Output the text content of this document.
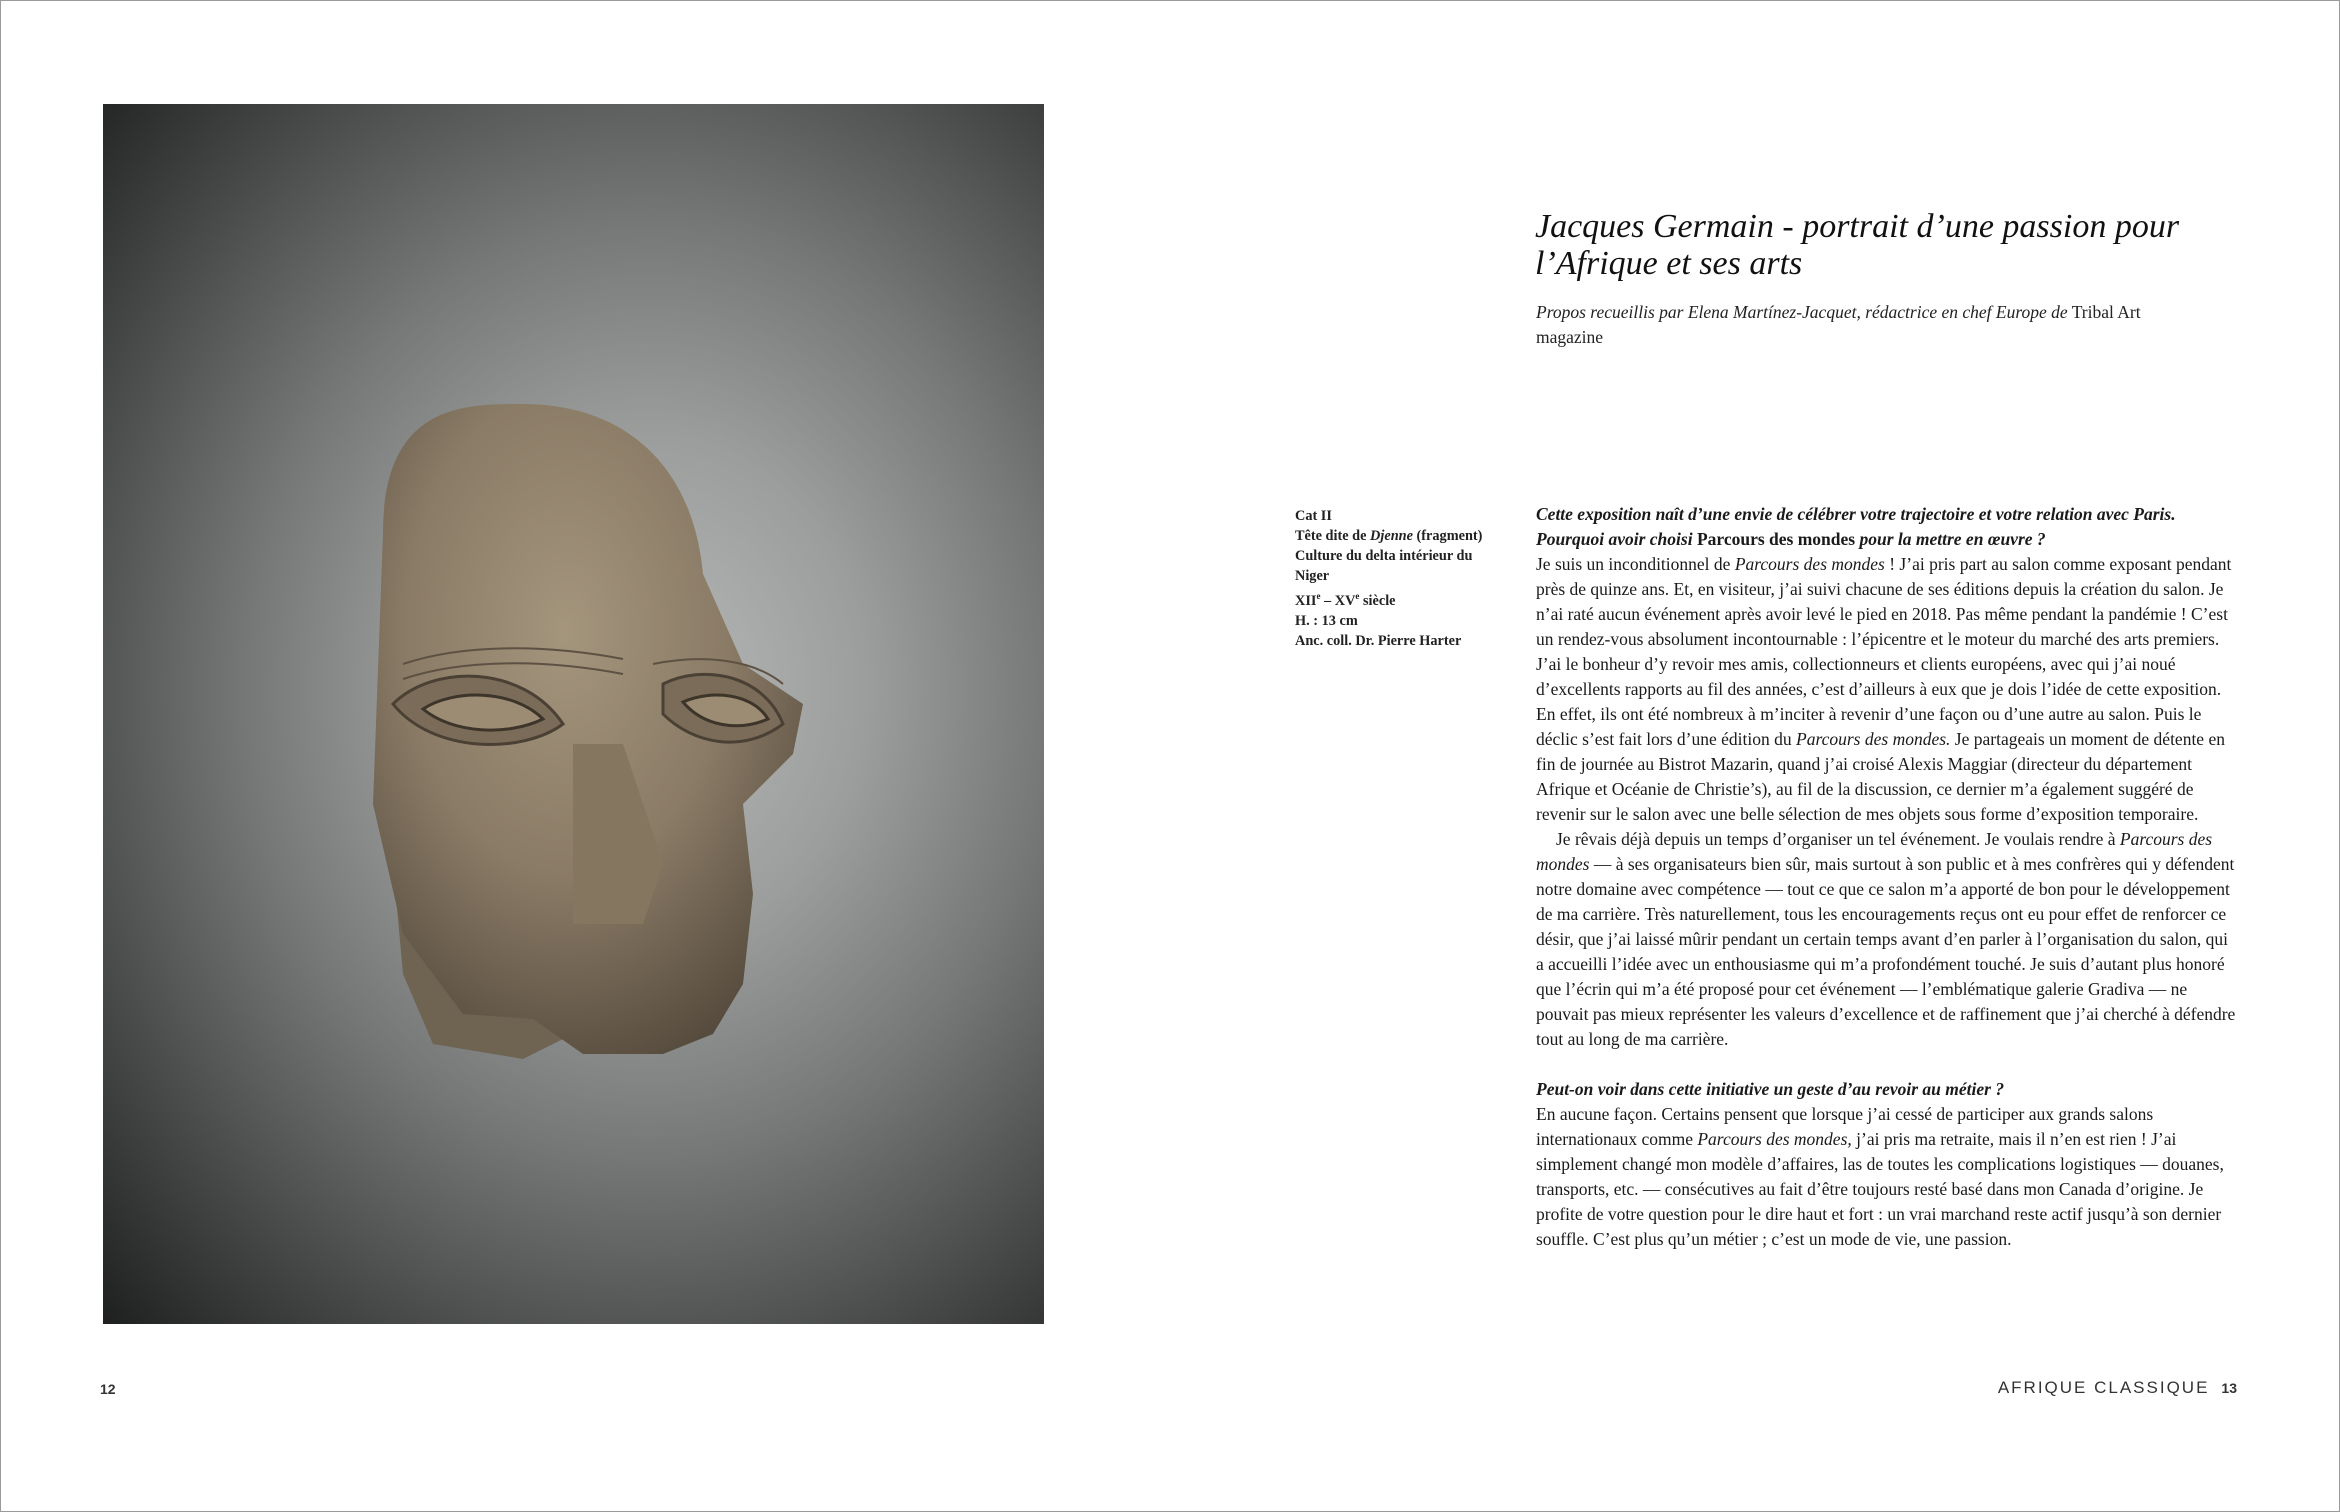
Cat II
Tête dite de Djenne (fragment)
Culture du delta intérieur du Niger
XIIe – XVe siècle
H. : 13 cm
Anc. coll. Dr. Pierre Harter
Jacques Germain - portrait d’une passion pour l’Afrique et ses arts
Propos recueillis par Elena Martínez-Jacquet, rédactrice en chef Europe de Tribal Art magazine

Cette exposition naît d’une envie de célébrer votre trajectoire et votre relation avec Paris. Pourquoi avoir choisi Parcours des mondes pour la mettre en œuvre ?

Je suis un inconditionnel de Parcours des mondes ! J’ai pris part au salon comme exposant pendant près de quinze ans. Et, en visiteur, j’ai suivi chacune de ses éditions depuis la création du salon. Je n’ai raté aucun événement après avoir levé le pied en 2018. Pas même pendant la pandémie ! C’est un rendez-vous absolument incontournable : l’épicentre et le moteur du marché des arts premiers. J’ai le bonheur d’y revoir mes amis, collectionneurs et clients européens, avec qui j’ai noué d’excellents rapports au fil des années, c’est d’ailleurs à eux que je dois l’idée de cette exposition. En effet, ils ont été nombreux à m’inciter à revenir d’une façon ou d’une autre au salon. Puis le déclic s’est fait lors d’une édition du Parcours des mondes. Je partageais un moment de détente en fin de journée au Bistrot Mazarin, quand j’ai croisé Alexis Maggiar (directeur du département Afrique et Océanie de Christie’s), au fil de la discussion, ce dernier m’a également suggéré de revenir sur le salon avec une belle sélection de mes objets sous forme d’exposition temporaire.

Je rêvais déjà depuis un temps d’organiser un tel événement. Je voulais rendre à Parcours des mondes — à ses organisateurs bien sûr, mais surtout à son public et à mes confrères qui y défendent notre domaine avec compétence — tout ce que ce salon m’a apporté de bon pour le développement de ma carrière. Très naturellement, tous les encouragements reçus ont eu pour effet de renforcer ce désir, que j’ai laissé mûrir pendant un certain temps avant d’en parler à l’organisation du salon, qui a accueilli l’idée avec un enthousiasme qui m’a profondément touché. Je suis d’autant plus honoré que l’écrin qui m’a été proposé pour cet événement — l’emblématique galerie Gradiva — ne pouvait pas mieux représenter les valeurs d’excellence et de raffinement que j’ai cherché à défendre tout au long de ma carrière.

Peut-on voir dans cette initiative un geste d’au revoir au métier ?

En aucune façon. Certains pensent que lorsque j’ai cessé de participer aux grands salons internationaux comme Parcours des mondes, j’ai pris ma retraite, mais il n’en est rien ! J’ai simplement changé mon modèle d’affaires, las de toutes les complications logistiques — douanes, transports, etc. — consécutives au fait d’être toujours resté basé dans mon Canada d’origine. Je profite de votre question pour le dire haut et fort : un vrai marchand reste actif jusqu’à son dernier souffle. C’est plus qu’un métier ; c’est un mode de vie, une passion.

12	AFRIQUE CLASSIQUE 13
